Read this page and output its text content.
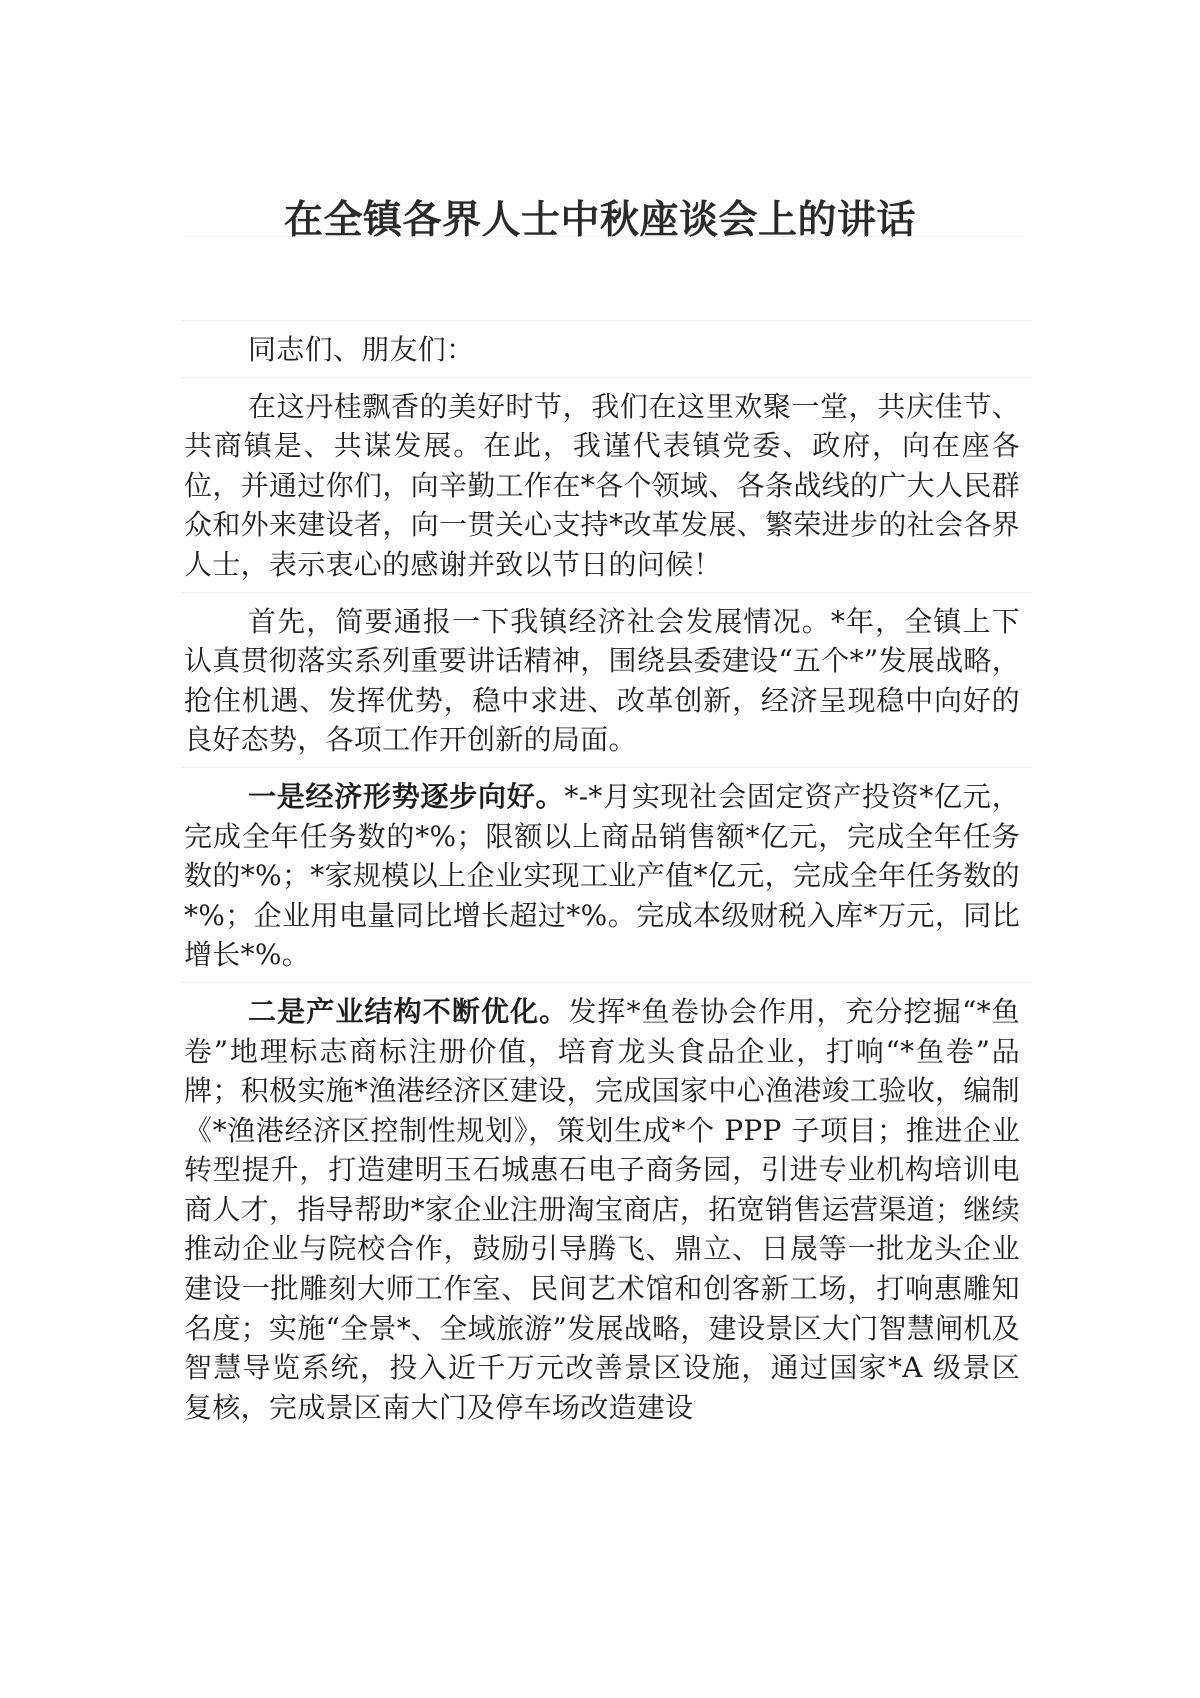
在全镇各界人士中秋座谈会上的讲话

同志们、朋友们：

在这丹桂飘香的美好时节，我们在这里欢聚一堂，共庆佳节、共商镇是、共谋发展。在此，我谨代表镇党委、政府，向在座各位，并通过你们，向辛勤工作在*各个领域、各条战线的广大人民群众和外来建设者，向一贯关心支持*改革发展、繁荣进步的社会各界人士，表示衷心的感谢并致以节日的问候！

首先，简要通报一下我镇经济社会发展情况。*年，全镇上下认真贯彻落实系列重要讲话精神，围绕县委建设“五个*”发展战略，抢住机遇、发挥优势，稳中求进、改革创新，经济呈现稳中向好的良好态势，各项工作开创新的局面。

一是经济形势逐步向好。*-*月实现社会固定资产投资*亿元，完成全年任务数的*%；限额以上商品销售额*亿元，完成全年任务数的*%；*家规模以上企业实现工业产值*亿元，完成全年任务数的*%；企业用电量同比增长超过*%。完成本级财税入库*万元，同比增长*%。

二是产业结构不断优化。发挥*鱼卷协会作用，充分挖掘“*鱼卷”地理标志商标注册价值，培育龙头食品企业，打响“*鱼卷”品牌；积极实施*渔港经济区建设，完成国家中心渔港竣工验收，编制《*渔港经济区控制性规划》，策划生成*个 PPP 子项目；推进企业转型提升，打造建明玉石城惠石电子商务园，引进专业机构培训电商人才，指导帮助*家企业注册淘宝商店，拓宽销售运营渠道；继续推动企业与院校合作，鼓励引导腾飞、鼎立、日晟等一批龙头企业建设一批雕刻大师工作室、民间艺术馆和创客新工场，打响惠雕知名度；实施“全景*、全域旅游”发展战略，建设景区大门智慧闸机及智慧导览系统，投入近千万元改善景区设施，通过国家*A 级景区复核，完成景区南大门及停车场改造建设
